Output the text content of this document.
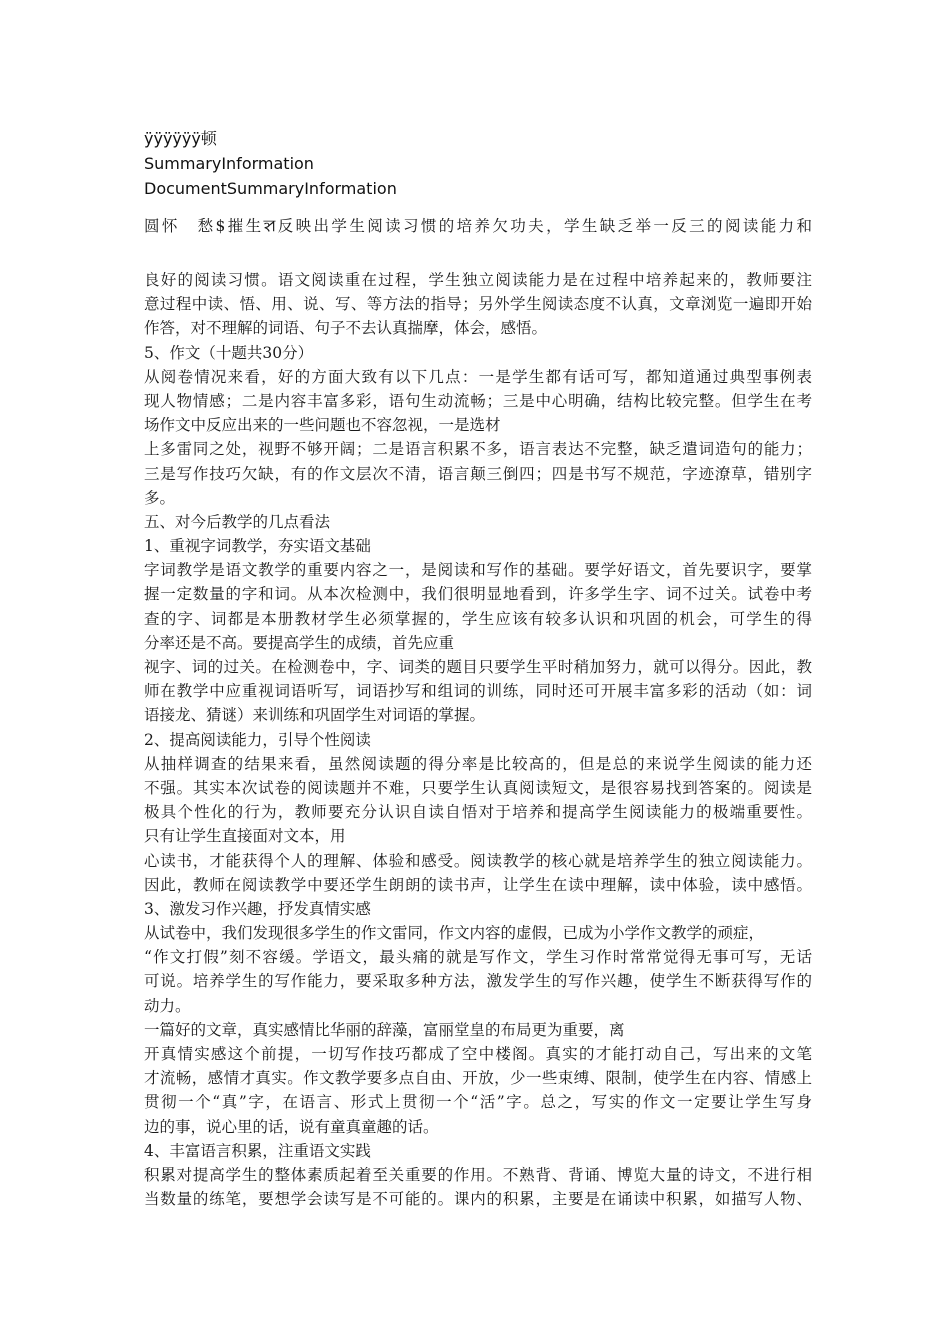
ÿÿÿÿÿÿ顿
SummaryInformation
DocumentSummaryInformation
圆怀　愁$摧生ꠡ反映出学生阅读习惯的培养欠功夫，学生缺乏举一反三的阅读能力和
良好的阅读习惯。语文阅读重在过程，学生独立阅读能力是在过程中培养起来的，教师要注
意过程中读、悟、用、说、写、等方法的指导；另外学生阅读态度不认真，文章浏览一遍即开始
作答，对不理解的词语、句子不去认真揣摩，体会，感悟。
5、作文（十题共30分）
从阅卷情况来看，好的方面大致有以下几点：一是学生都有话可写，都知道通过典型事例表
现人物情感；二是内容丰富多彩，语句生动流畅；三是中心明确，结构比较完整。但学生在考
场作文中反应出来的一些问题也不容忽视，一是选材
上多雷同之处，视野不够开阔；二是语言积累不多，语言表达不完整，缺乏遣词造句的能力；
三是写作技巧欠缺，有的作文层次不清，语言颠三倒四；四是书写不规范，字迹潦草，错别字
多。
五、对今后教学的几点看法
1、重视字词教学，夯实语文基础
字词教学是语文教学的重要内容之一，是阅读和写作的基础。要学好语文，首先要识字，要掌
握一定数量的字和词。从本次检测中，我们很明显地看到，许多学生字、词不过关。试卷中考
查的字、词都是本册教材学生必须掌握的，学生应该有较多认识和巩固的机会，可学生的得
分率还是不高。要提高学生的成绩，首先应重
视字、词的过关。在检测卷中，字、词类的题目只要学生平时稍加努力，就可以得分。因此，教
师在教学中应重视词语听写，词语抄写和组词的训练，同时还可开展丰富多彩的活动（如：词
语接龙、猜谜）来训练和巩固学生对词语的掌握。
2、提高阅读能力，引导个性阅读
从抽样调查的结果来看，虽然阅读题的得分率是比较高的，但是总的来说学生阅读的能力还
不强。其实本次试卷的阅读题并不难，只要学生认真阅读短文，是很容易找到答案的。阅读是
极具个性化的行为，教师要充分认识自读自悟对于培养和提高学生阅读能力的极端重要性。
只有让学生直接面对文本，用
心读书，才能获得个人的理解、体验和感受。阅读教学的核心就是培养学生的独立阅读能力。
因此，教师在阅读教学中要还学生朗朗的读书声，让学生在读中理解，读中体验，读中感悟。
3、激发习作兴趣，抒发真情实感
从试卷中，我们发现很多学生的作文雷同，作文内容的虚假，已成为小学作文教学的顽症，
“作文打假”刻不容缓。学语文，最头痛的就是写作文，学生习作时常常觉得无事可写，无话
可说。培养学生的写作能力，要采取多种方法，激发学生的写作兴趣，使学生不断获得写作的
动力。
一篇好的文章，真实感情比华丽的辞藻，富丽堂皇的布局更为重要，离
开真情实感这个前提，一切写作技巧都成了空中楼阁。真实的才能打动自己，写出来的文笔
才流畅，感情才真实。作文教学要多点自由、开放，少一些束缚、限制，使学生在内容、情感上
贯彻一个“真”字，在语言、形式上贯彻一个“活”字。总之，写实的作文一定要让学生写身
边的事，说心里的话，说有童真童趣的话。
4、丰富语言积累，注重语文实践
积累对提高学生的整体素质起着至关重要的作用。不熟背、背诵、博览大量的诗文，不进行相
当数量的练笔，要想学会读写是不可能的。课内的积累，主要是在诵读中积累，如描写人物、
